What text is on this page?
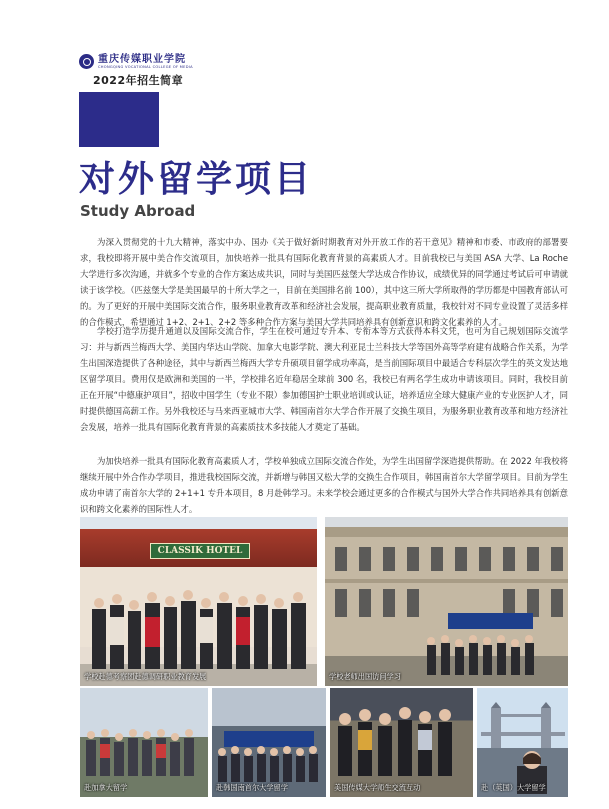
重庆传媒职业学院
CHONGQING VOCATIONAL COLLEGE OF MEDIA
2022年招生简章
对外留学项目
Study Abroad

为深入贯彻党的十九大精神，落实中办、国办《关于做好新时期教育对外开放工作的若干意见》精神和市委、市政府的部署要求，我校即将开展中美合作交流项目，加快培养一批具有国际化教育背景的高素质人才。目前我校已与美国 ASA 大学、La Roche 大学进行多次沟通，并就多个专业的合作方案达成共识，同时与美国匹兹堡大学达成合作协议，成绩优异的同学通过考试后可申请就读于该学校。（匹兹堡大学是美国最早的十所大学之一，目前在美国排名前 100），其中这三所大学所取得的学历都是中国教育部认可的。为了更好的开展中美国际交流合作，服务职业教育改革和经济社会发展，提高职业教育质量，我校针对不同专业设置了灵活多样的合作模式，希望通过 1+2、2+1、2+2 等多种合作方案与美国大学共同培养具有创新意识和跨文化素养的人才。

学校打造学历提升通道以及国际交流合作，学生在校可通过专升本、专衔本等方式获得本科文凭，也可为自己规划国际交流学习：并与新西兰梅西大学、美国内华达山学院、加拿大电影学院、澳大利亚昆士兰科技大学等国外高等学府建有战略合作关系，为学生出国深造提供了各种途径，其中与新西兰梅西大学专升硕项目留学成功率高，是当前国际项目中最适合专科层次学生的英文发达地区留学项目。费用仅是欧洲和美国的一半，学校排名近年稳居全球前 300 名，我校已有两名学生成功申请该项目。同时，我校目前正在开展“中德康护项目”，招收中国学生（专业不限）参加德国护士职业培训或认证，培养适应全球大健康产业的专业医护人才，同时提供德国高薪工作。另外我校还与马来西亚城市大学、韩国南首尔大学合作开展了交换生项目，为服务职业教育改革和地方经济社会发展，培养一批具有国际化教育背景的高素质技术多技能人才奠定了基础。

为加快培养一批具有国际化教育高素质人才，学校单独成立国际交流合作处，为学生出国留学深造提供帮助。在 2022 年我校将继续开展中外合作办学项目，推进我校国际交流，并新增与韩国又松大学的交换生合作项目，韩国南首尔大学留学项目。目前为学生成功申请了南首尔大学的 2+1+1 专升本项目，8 月赴韩学习。未来学校会通过更多的合作模式与国外大学合作共同培养具有创新意识和跨文化素养的国际性人才。

CLASSIK HOTEL
学校赴德考察团赴德调研职业教育发展	学校老师出国访问学习
赴加拿大留学	赴韩国南首尔大学留学	美国传媒大学师生交流互动	赴（英国）大学留学
